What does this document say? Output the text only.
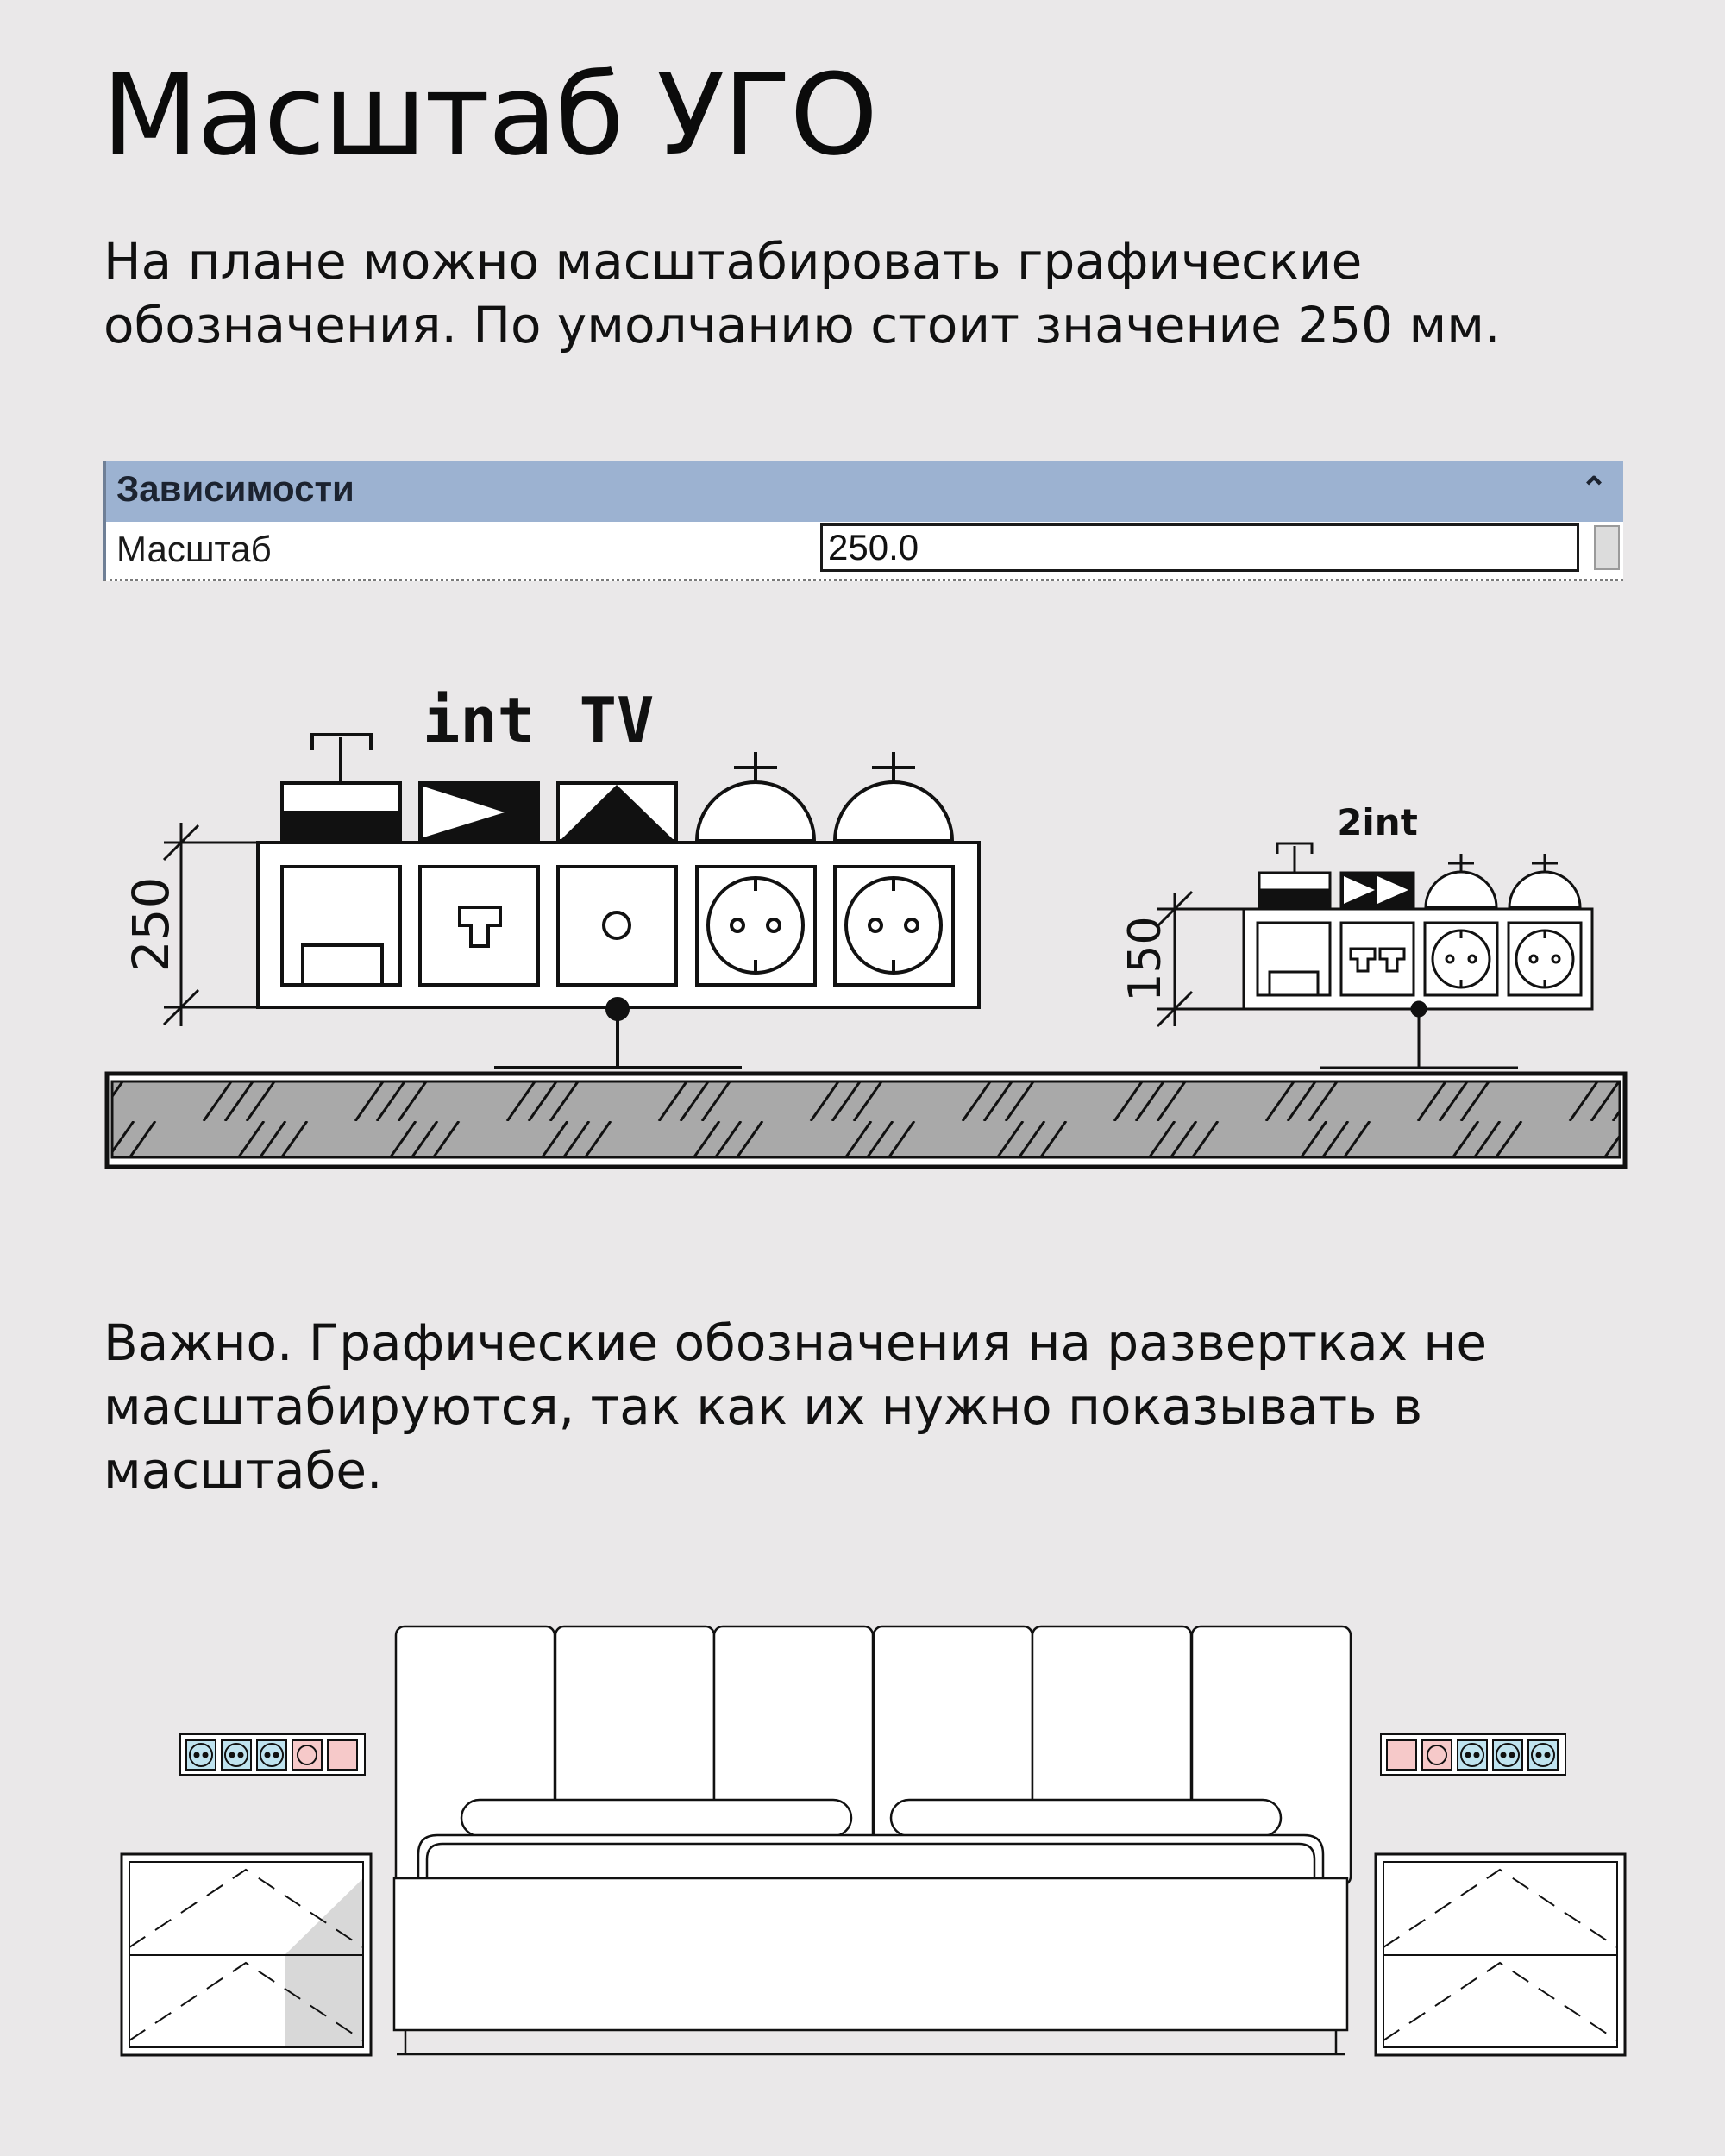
Масштаб УГО

На плане можно масштабировать графические обозначения. По умолчанию стоит значение 250 мм.

Зависимости	⌃
Масштаб
250.0
int TV
250
2int
150

Важно. Графические обозначения на развертках не масштабируются, так как их нужно показывать в масштабе.
